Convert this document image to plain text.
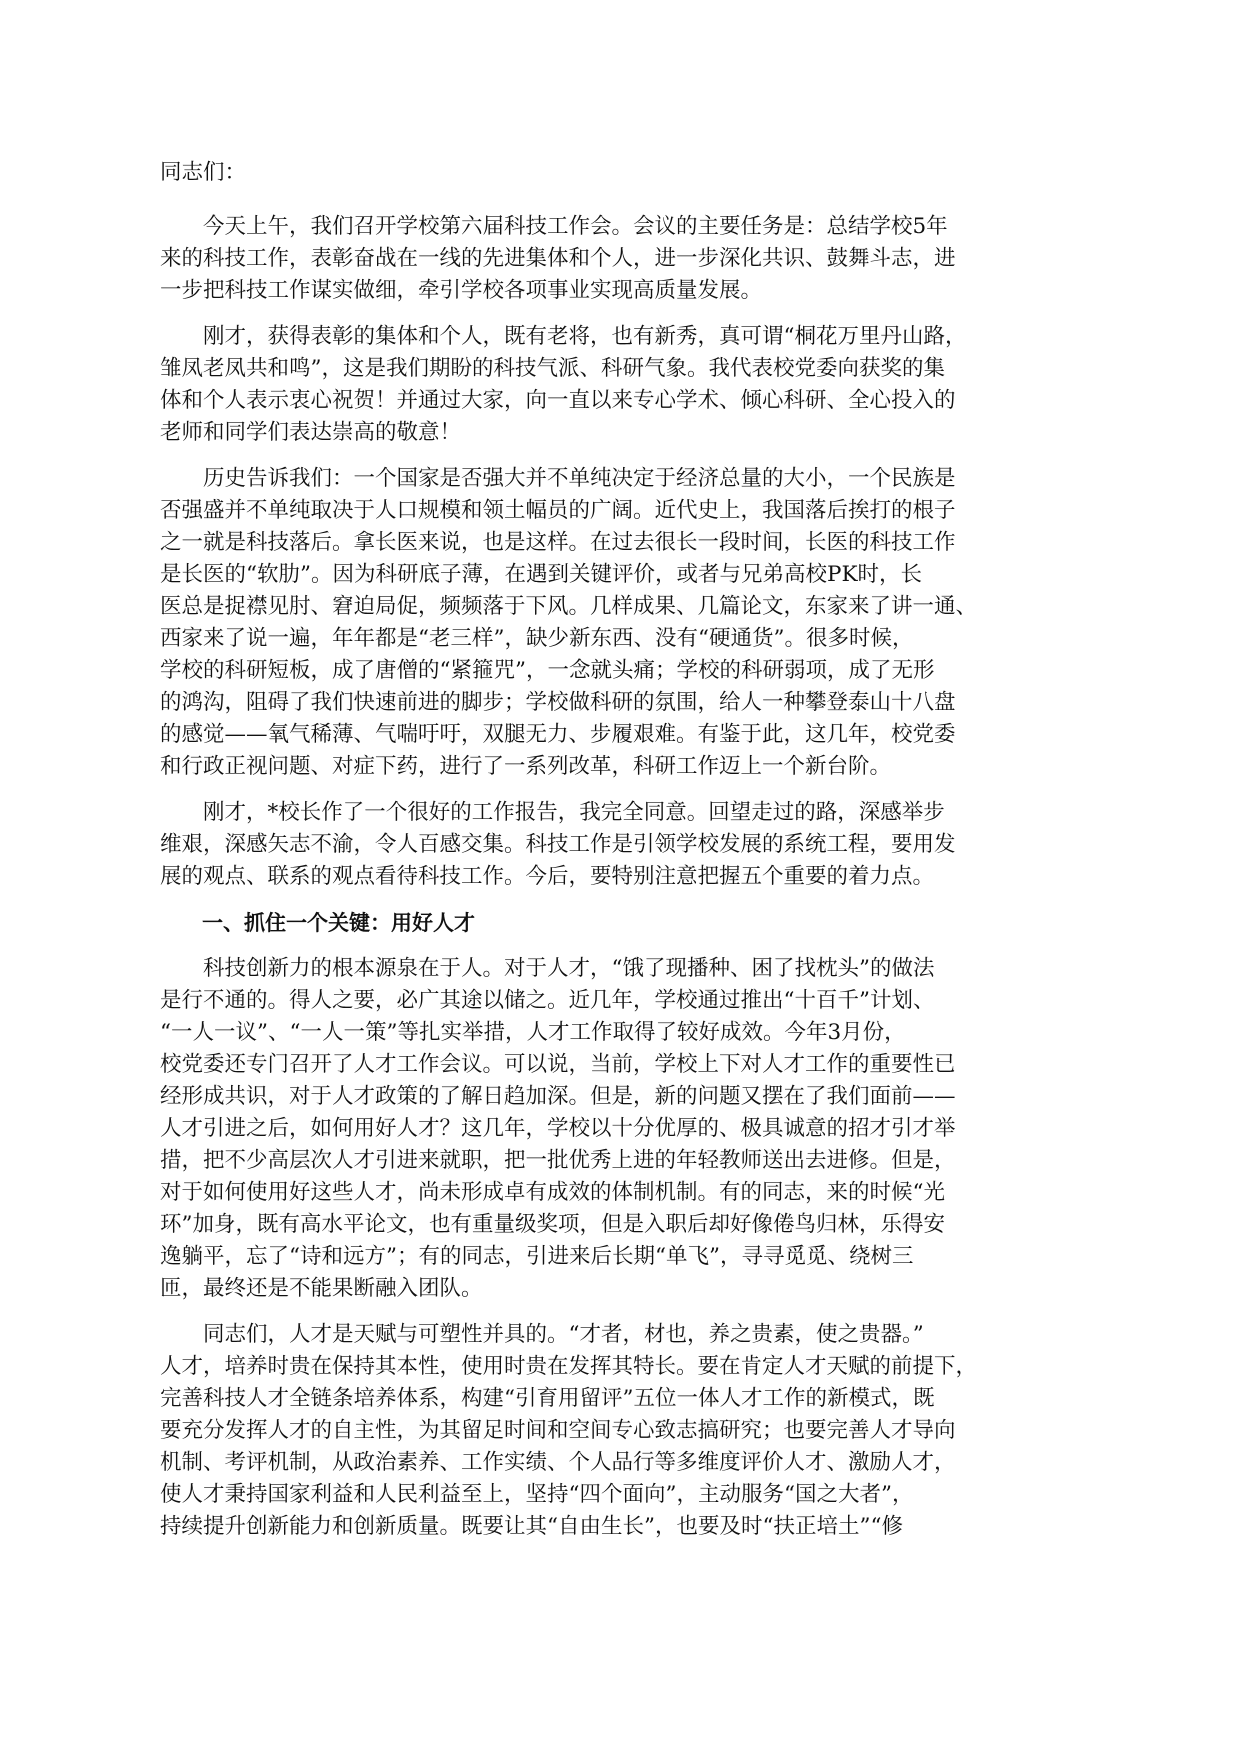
同志们：
　　今天上午，我们召开学校第六届科技工作会。会议的主要任务是：总结学校5年
来的科技工作，表彰奋战在一线的先进集体和个人，进一步深化共识、鼓舞斗志，进
一步把科技工作谋实做细，牵引学校各项事业实现高质量发展。
　　刚才，获得表彰的集体和个人，既有老将，也有新秀，真可谓“桐花万里丹山路，
雏凤老凤共和鸣”，这是我们期盼的科技气派、科研气象。我代表校党委向获奖的集
体和个人表示衷心祝贺！并通过大家，向一直以来专心学术、倾心科研、全心投入的
老师和同学们表达崇高的敬意！
　　历史告诉我们：一个国家是否强大并不单纯决定于经济总量的大小，一个民族是
否强盛并不单纯取决于人口规模和领土幅员的广阔。近代史上，我国落后挨打的根子
之一就是科技落后。拿长医来说，也是这样。在过去很长一段时间，长医的科技工作
是长医的“软肋”。因为科研底子薄，在遇到关键评价，或者与兄弟高校PK时，长
医总是捉襟见肘、窘迫局促，频频落于下风。几样成果、几篇论文，东家来了讲一通、
西家来了说一遍，年年都是“老三样”，缺少新东西、没有“硬通货”。很多时候，
学校的科研短板，成了唐僧的“紧箍咒”，一念就头痛；学校的科研弱项，成了无形
的鸿沟，阻碍了我们快速前进的脚步；学校做科研的氛围，给人一种攀登泰山十八盘
的感觉——氧气稀薄、气喘吁吁，双腿无力、步履艰难。有鉴于此，这几年，校党委
和行政正视问题、对症下药，进行了一系列改革，科研工作迈上一个新台阶。
　　刚才，*校长作了一个很好的工作报告，我完全同意。回望走过的路，深感举步
维艰，深感矢志不渝，令人百感交集。科技工作是引领学校发展的系统工程，要用发
展的观点、联系的观点看待科技工作。今后，要特别注意把握五个重要的着力点。
　　一、抓住一个关键：用好人才
　　科技创新力的根本源泉在于人。对于人才，“饿了现播种、困了找枕头”的做法
是行不通的。得人之要，必广其途以储之。近几年，学校通过推出“十百千”计划、
“一人一议”、“一人一策”等扎实举措，人才工作取得了较好成效。今年3月份，
校党委还专门召开了人才工作会议。可以说，当前，学校上下对人才工作的重要性已
经形成共识，对于人才政策的了解日趋加深。但是，新的问题又摆在了我们面前——
人才引进之后，如何用好人才？这几年，学校以十分优厚的、极具诚意的招才引才举
措，把不少高层次人才引进来就职，把一批优秀上进的年轻教师送出去进修。但是，
对于如何使用好这些人才，尚未形成卓有成效的体制机制。有的同志，来的时候“光
环”加身，既有高水平论文，也有重量级奖项，但是入职后却好像倦鸟归林，乐得安
逸躺平，忘了“诗和远方”；有的同志，引进来后长期“单飞”，寻寻觅觅、绕树三
匝，最终还是不能果断融入团队。
　　同志们，人才是天赋与可塑性并具的。“才者，材也，养之贵素，使之贵器。”
人才，培养时贵在保持其本性，使用时贵在发挥其特长。要在肯定人才天赋的前提下，
完善科技人才全链条培养体系，构建“引育用留评”五位一体人才工作的新模式，既
要充分发挥人才的自主性，为其留足时间和空间专心致志搞研究；也要完善人才导向
机制、考评机制，从政治素养、工作实绩、个人品行等多维度评价人才、激励人才，
使人才秉持国家利益和人民利益至上，坚持“四个面向”，主动服务“国之大者”，
持续提升创新能力和创新质量。既要让其“自由生长”，也要及时“扶正培土”“修
